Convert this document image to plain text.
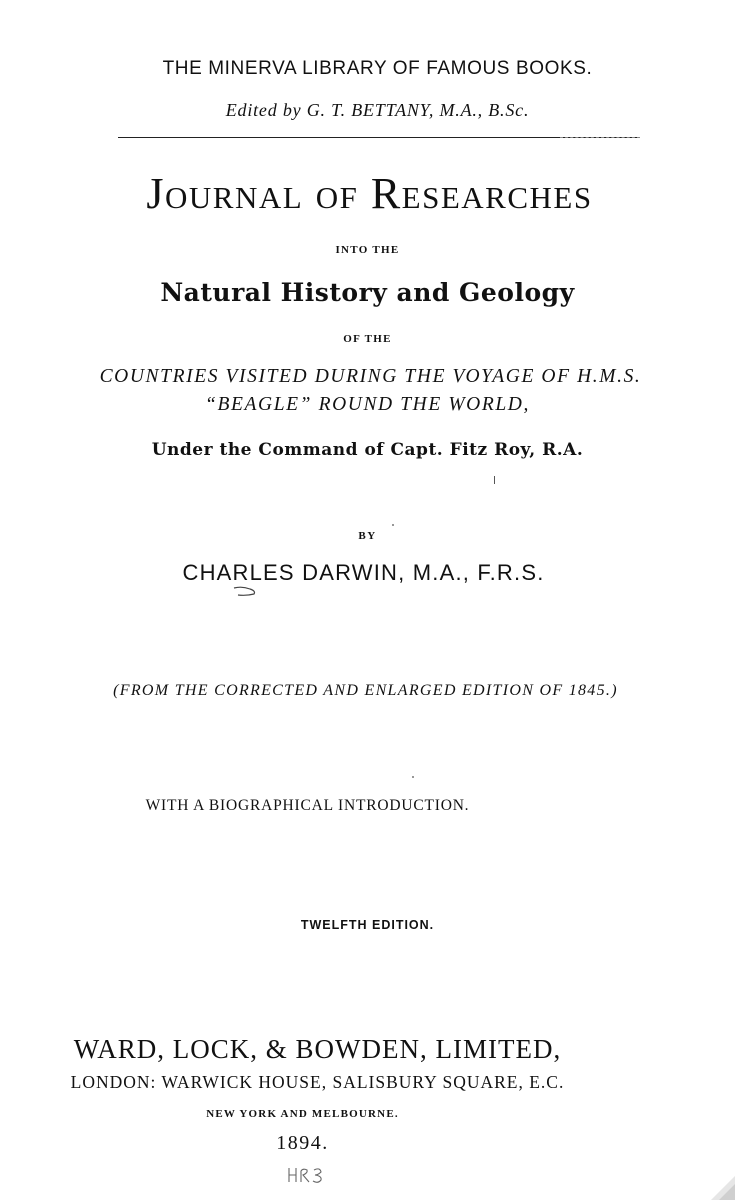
THE MINERVA LIBRARY OF FAMOUS BOOKS.
Edited by G. T. BETTANY, M.A., B.Sc.
Journal of Researches
INTO THE
Natural History and Geology
OF THE
COUNTRIES VISITED DURING THE VOYAGE OF H.M.S.
“BEAGLE” ROUND THE WORLD,
Under the Command of Capt. Fitz Roy, R.A.
BY
CHARLES DARWIN, M.A., F.R.S.
(FROM THE CORRECTED AND ENLARGED EDITION OF 1845.)
WITH A BIOGRAPHICAL INTRODUCTION.
TWELFTH EDITION.
WARD, LOCK, & BOWDEN, LIMITED,
LONDON: WARWICK HOUSE, SALISBURY SQUARE, E.C.
NEW YORK AND MELBOURNE.
1894.
